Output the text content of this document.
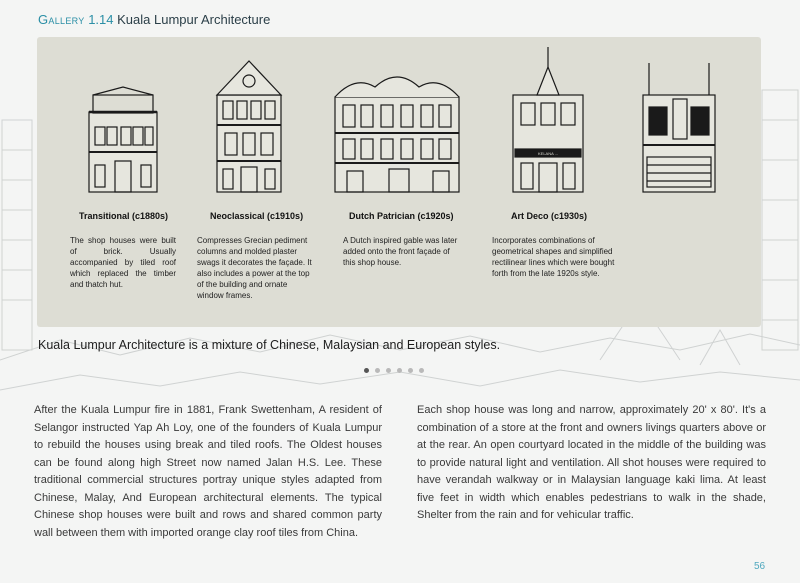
Gallery 1.14 Kuala Lumpur Architecture
KELANA ...
Transitional (c1880s)	Neoclassical (c1910s)	Dutch Patrician (c1920s)	Art Deco (c1930s)
The shop houses were built of brick. Usually accompanied by tiled roof which replaced the timber and thatch hut.
Compresses Grecian pediment columns and molded plaster swags it decorates the façade. It also includes a power at the top of the building and ornate window frames.
A Dutch inspired gable was later added onto the front façade of this shop house.
Incorporates combinations of geometrical shapes and simplified rectilinear lines which were bought forth from the late 1920s style.
Kuala Lumpur Architecture is a mixture of Chinese, Malaysian and European styles.
After the Kuala Lumpur fire in 1881, Frank Swettenham, A resident of Selangor instructed Yap Ah Loy, one of the founders of Kuala Lumpur to rebuild the houses using break and tiled roofs. The Oldest houses can be found along high Street now named Jalan H.S. Lee. These traditional commercial structures portray unique styles adapted from Chinese, Malay, And European architectural elements. The typical Chinese shop houses were built and rows and shared common party wall between them with imported orange clay roof tiles from China.
Each shop house was long and narrow, approximately 20' x 80'. It's a combination of a store at the front and owners livings quarters above or at the rear. An open courtyard located in the middle of the building was to provide natural light and ventilation. All shot houses were required to have verandah walkway or in Malaysian language kaki lima. At least five feet in width which enables pedestrians to walk in the shade, Shelter from the rain and for vehicular traffic.
56
